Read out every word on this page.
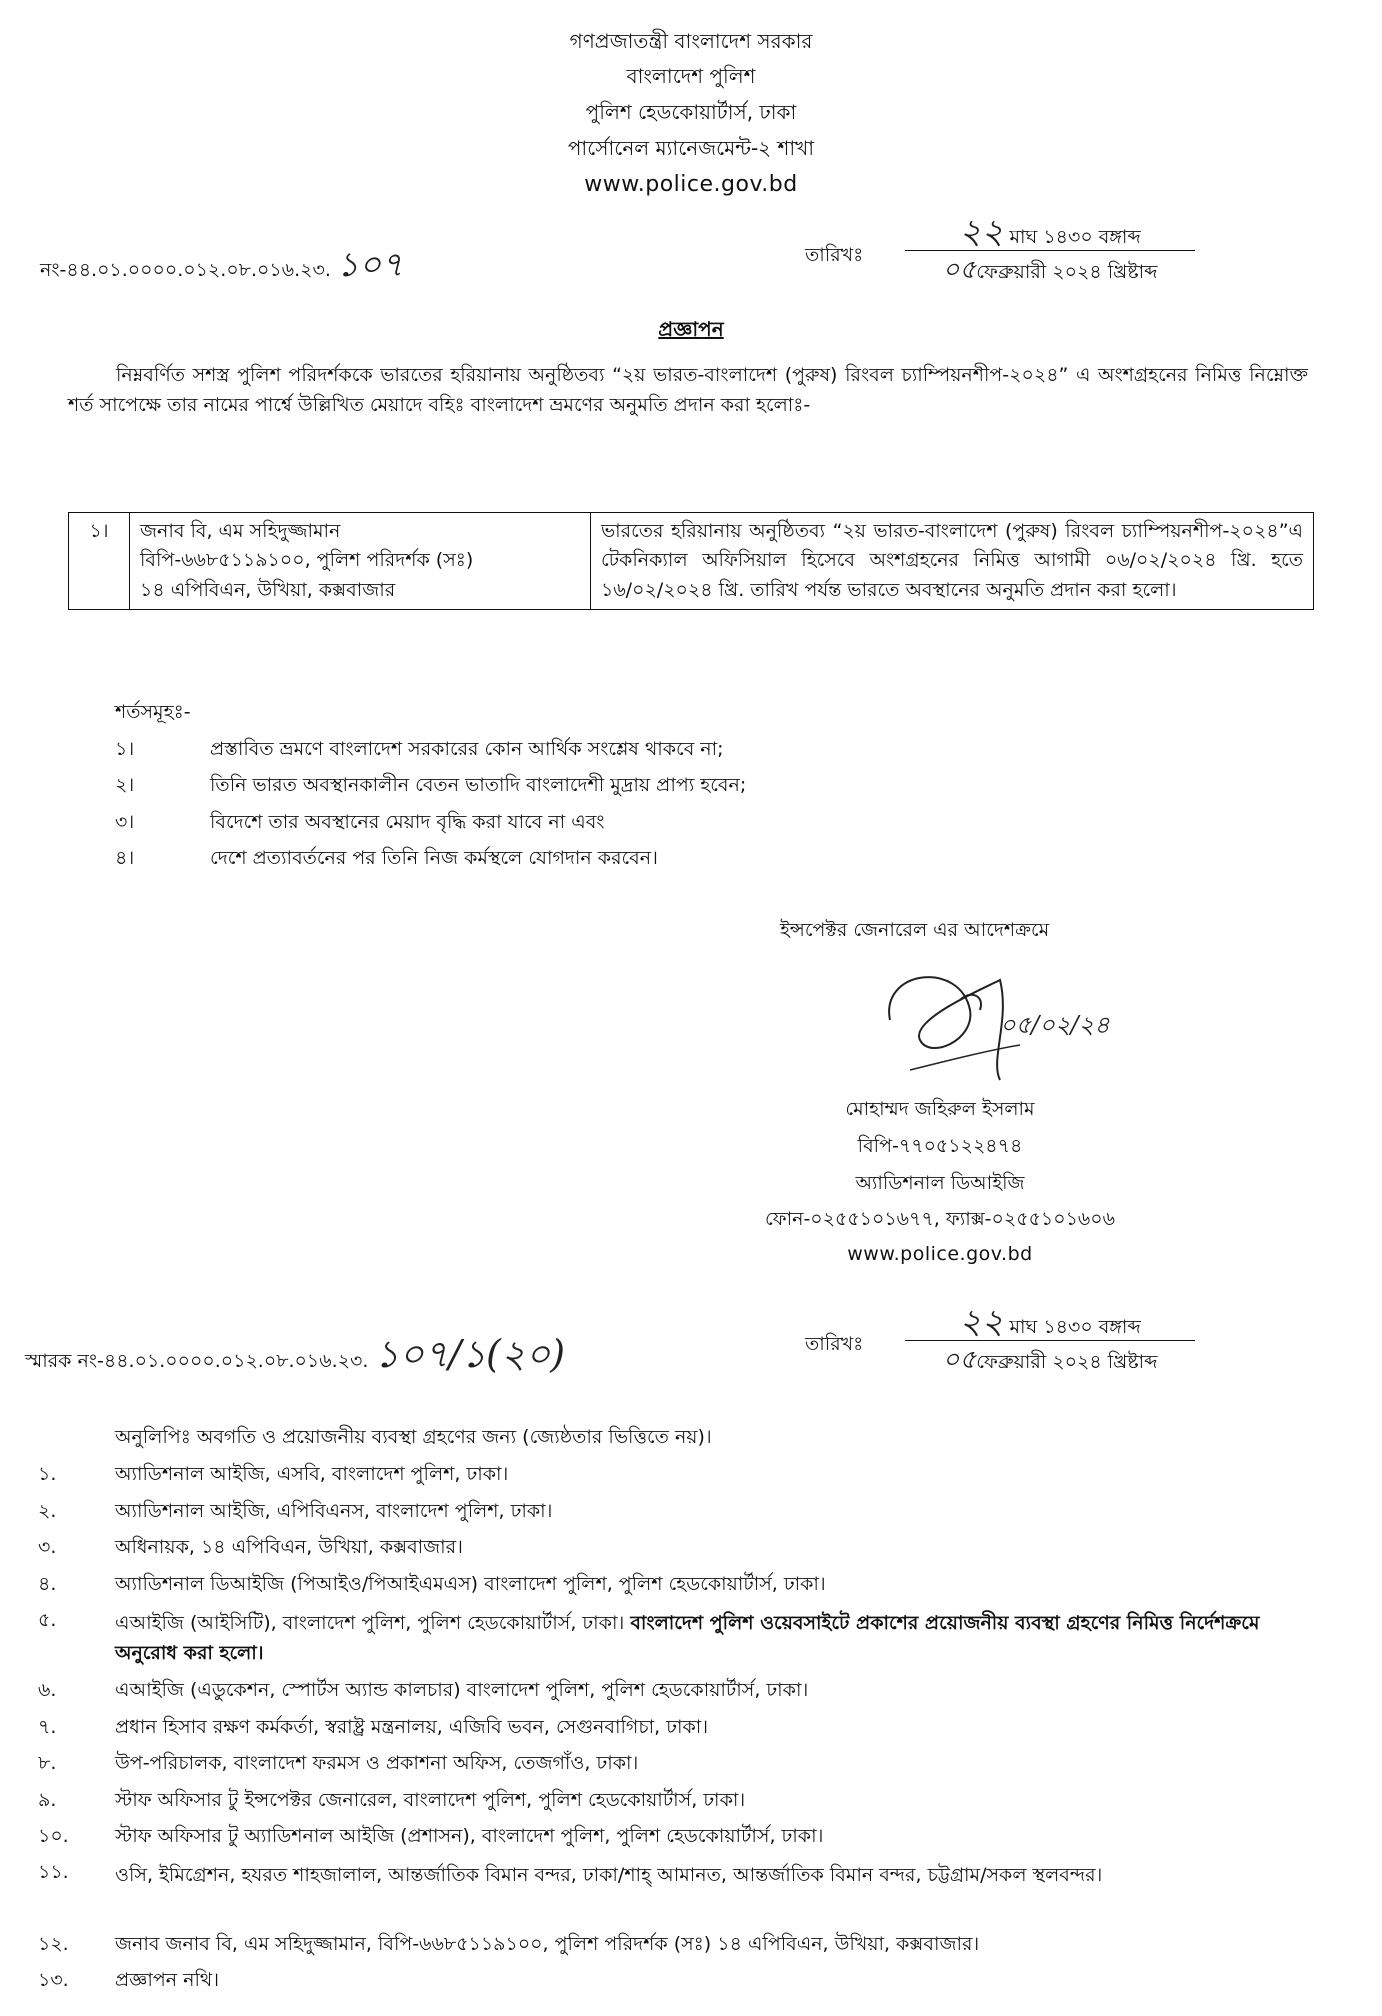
গণপ্রজাতন্ত্রী বাংলাদেশ সরকার
বাংলাদেশ পুলিশ
পুলিশ হেডকোয়ার্টার্স, ঢাকা
পার্সোনেল ম্যানেজমেন্ট-২ শাখা
www.police.gov.bd
নং-৪৪.০১.০০০০.০১২.০৮.০১৬.২৩. ১০৭	তারিখঃ
২২ মাঘ ১৪৩০ বঙ্গাব্দ
০৫ফেব্রুয়ারী ২০২৪ খ্রিষ্টাব্দ
প্রজ্ঞাপন
নিম্নবর্ণিত সশস্ত্র পুলিশ পরিদর্শককে ভারতের হরিয়ানায় অনুষ্ঠিতব্য “২য় ভারত-বাংলাদেশ (পুরুষ) রিংবল চ্যাম্পিয়নশীপ-২০২৪” এ অংশগ্রহনের নিমিত্ত নিম্নোক্ত শর্ত সাপেক্ষে তার নামের পার্শ্বে উল্লিখিত মেয়াদে বহিঃ বাংলাদেশ ভ্রমণের অনুমতি প্রদান করা হলোঃ-
১।	জনাব বি, এম সহিদুজ্জামান
বিপি-৬৬৮৫১১৯১০০, পুলিশ পরিদর্শক (সঃ)
১৪ এপিবিএন, উখিয়া, কক্সবাজার
	ভারতের হরিয়ানায় অনুষ্ঠিতব্য “২য় ভারত-বাংলাদেশ (পুরুষ) রিংবল চ্যাম্পিয়নশীপ-২০২৪”এ টেকনিক্যাল অফিসিয়াল হিসেবে অংশগ্রহনের নিমিত্ত আগামী ০৬/০২/২০২৪ খ্রি. হতে ১৬/০২/২০২৪ খ্রি. তারিখ পর্যন্ত ভারতে অবস্থানের অনুমতি প্রদান করা হলো।
শর্তসমূহঃ-
১।	প্রস্তাবিত ভ্রমণে বাংলাদেশ সরকারের কোন আর্থিক সংশ্লেষ থাকবে না;
২।	তিনি ভারত অবস্থানকালীন বেতন ভাতাদি বাংলাদেশী মুদ্রায় প্রাপ্য হবেন;
৩।	বিদেশে তার অবস্থানের মেয়াদ বৃদ্ধি করা যাবে না এবং
৪।	দেশে প্রত্যাবর্তনের পর তিনি নিজ কর্মস্থলে যোগদান করবেন।
ইন্সপেক্টর জেনারেল এর আদেশক্রমে
০৫/০২/২৪
মোহাম্মদ জহিরুল ইসলাম
বিপি-৭৭০৫১২২৪৭৪
অ্যাডিশনাল ডিআইজি
ফোন-০২৫৫১০১৬৭৭, ফ্যাক্স-০২৫৫১০১৬০৬
www.police.gov.bd
স্মারক নং-৪৪.০১.০০০০.০১২.০৮.০১৬.২৩. ১০৭/১(২০)	তারিখঃ
২২ মাঘ ১৪৩০ বঙ্গাব্দ
০৫ফেব্রুয়ারী ২০২৪ খ্রিষ্টাব্দ
অনুলিপিঃ অবগতি ও প্রয়োজনীয় ব্যবস্থা গ্রহণের জন্য (জ্যেষ্ঠতার ভিত্তিতে নয়)।
১.	অ্যাডিশনাল আইজি, এসবি, বাংলাদেশ পুলিশ, ঢাকা।
২.	অ্যাডিশনাল আইজি, এপিবিএনস, বাংলাদেশ পুলিশ, ঢাকা।
৩.	অধিনায়ক, ১৪ এপিবিএন, উখিয়া, কক্সবাজার।
৪.	অ্যাডিশনাল ডিআইজি (পিআইও/পিআইএমএস) বাংলাদেশ পুলিশ, পুলিশ হেডকোয়ার্টার্স, ঢাকা।
৫.	এআইজি (আইসিটি), বাংলাদেশ পুলিশ, পুলিশ হেডকোয়ার্টার্স, ঢাকা। বাংলাদেশ পুলিশ ওয়েবসাইটে প্রকাশের প্রয়োজনীয় ব্যবস্থা গ্রহণের নিমিত্ত নির্দেশক্রমে অনুরোধ করা হলো।
৬.	এআইজি (এডুকেশন, স্পোর্টস অ্যান্ড কালচার) বাংলাদেশ পুলিশ, পুলিশ হেডকোয়ার্টার্স, ঢাকা।
৭.	প্রধান হিসাব রক্ষণ কর্মকর্তা, স্বরাষ্ট্র মন্ত্রনালয়, এজিবি ভবন, সেগুনবাগিচা, ঢাকা।
৮.	উপ-পরিচালক, বাংলাদেশ ফরমস ও প্রকাশনা অফিস, তেজগাঁও, ঢাকা।
৯.	স্টাফ অফিসার টু ইন্সপেক্টর জেনারেল, বাংলাদেশ পুলিশ, পুলিশ হেডকোয়ার্টার্স, ঢাকা।
১০.	স্টাফ অফিসার টু অ্যাডিশনাল আইজি (প্রশাসন), বাংলাদেশ পুলিশ, পুলিশ হেডকোয়ার্টার্স, ঢাকা।
১১.	ওসি, ইমিগ্রেশন, হযরত শাহজালাল, আন্তর্জাতিক বিমান বন্দর, ঢাকা/শাহ্ আমানত, আন্তর্জাতিক বিমান বন্দর, চট্টগ্রাম/সকল স্থলবন্দর।
১২.	জনাব জনাব বি, এম সহিদুজ্জামান, বিপি-৬৬৮৫১১৯১০০, পুলিশ পরিদর্শক (সঃ) ১৪ এপিবিএন, উখিয়া, কক্সবাজার।
১৩.	প্রজ্ঞাপন নথি।
